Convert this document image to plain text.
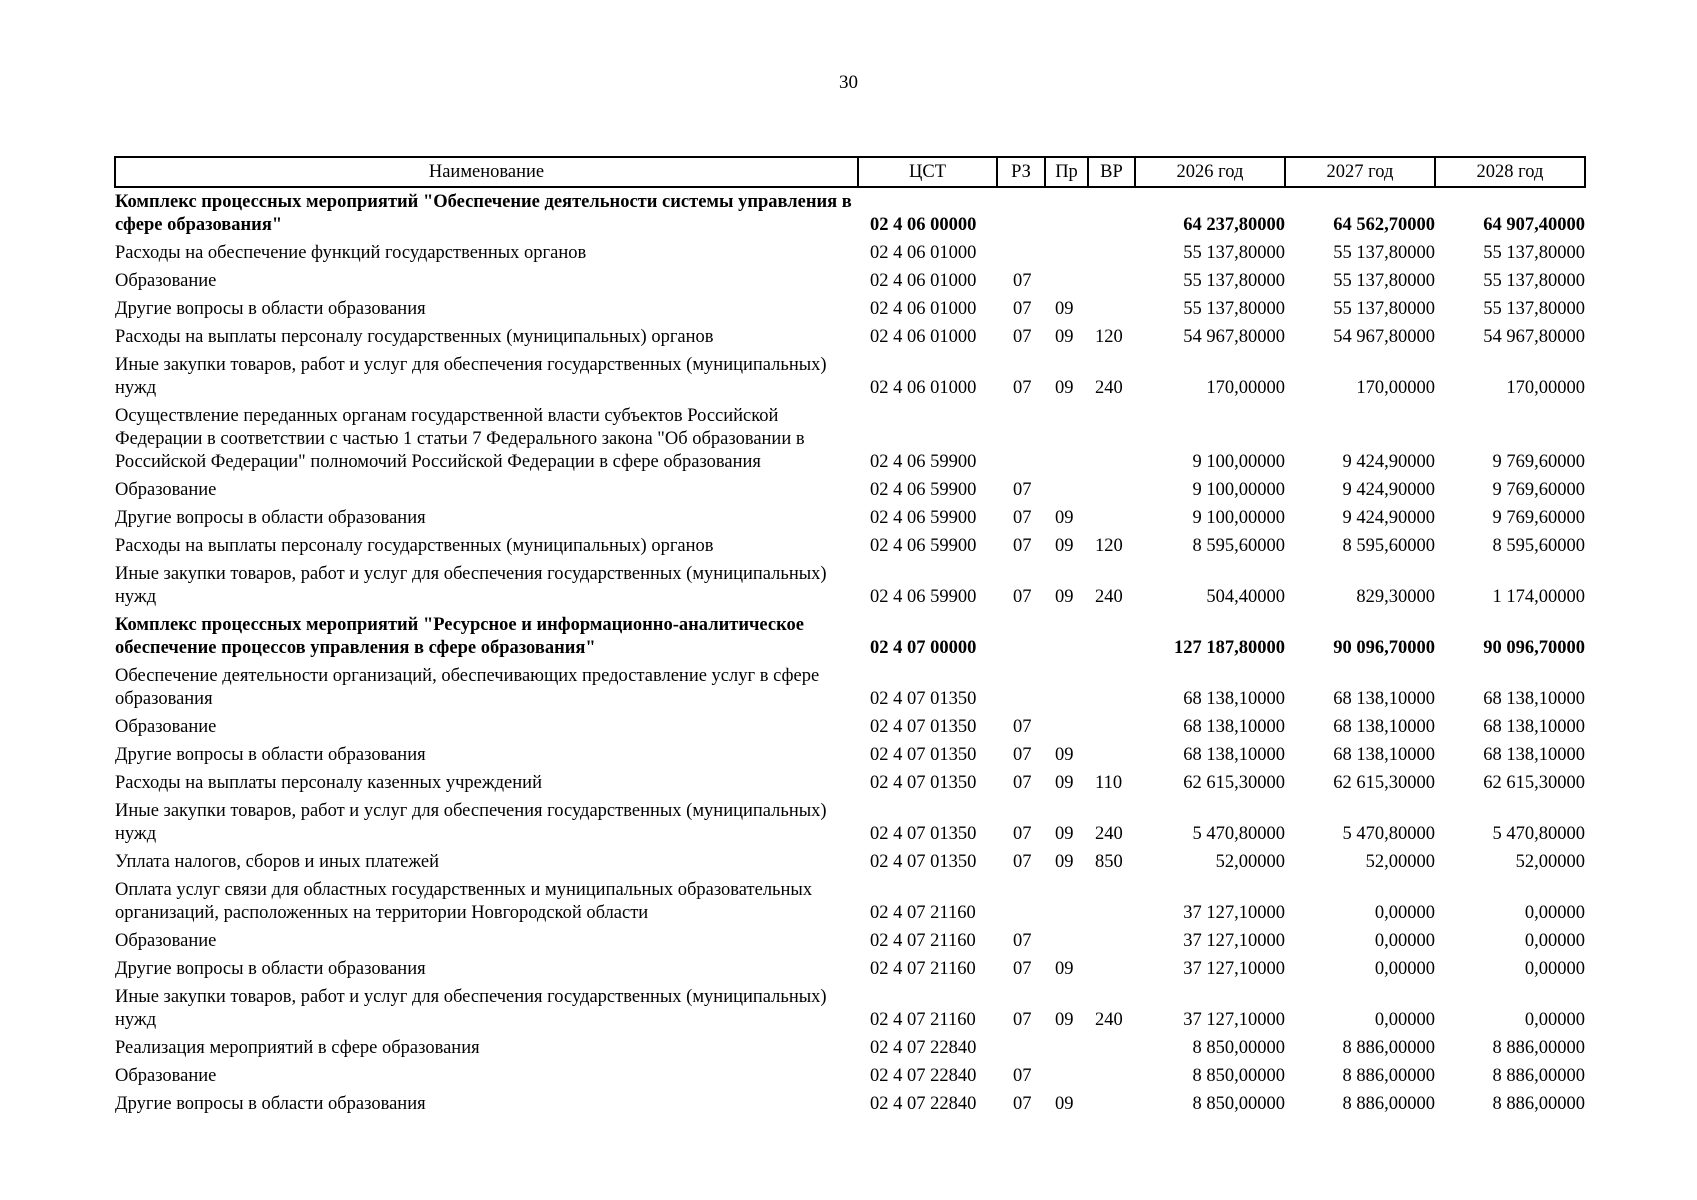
30
Наименование	ЦСТ	РЗ	Пр	ВР	2026 год	2027 год	2028 год
Комплекс процессных мероприятий "Обеспечение деятельности системы управления в сфере образования"	02 4 06 00000				64 237,80000	64 562,70000	64 907,40000
Расходы на обеспечение функций государственных органов	02 4 06 01000				55 137,80000	55 137,80000	55 137,80000
Образование	02 4 06 01000	07			55 137,80000	55 137,80000	55 137,80000
Другие вопросы в области образования	02 4 06 01000	07	09		55 137,80000	55 137,80000	55 137,80000
Расходы на выплаты персоналу государственных (муниципальных) органов	02 4 06 01000	07	09	120	54 967,80000	54 967,80000	54 967,80000
Иные закупки товаров, работ и услуг для обеспечения государственных (муниципальных) нужд	02 4 06 01000	07	09	240	170,00000	170,00000	170,00000
Осуществление переданных органам государственной власти субъектов Российской Федерации в соответствии с частью 1 статьи 7 Федерального закона "Об образовании в Российской Федерации" полномочий Российской Федерации в сфере образования	02 4 06 59900				9 100,00000	9 424,90000	9 769,60000
Образование	02 4 06 59900	07			9 100,00000	9 424,90000	9 769,60000
Другие вопросы в области образования	02 4 06 59900	07	09		9 100,00000	9 424,90000	9 769,60000
Расходы на выплаты персоналу государственных (муниципальных) органов	02 4 06 59900	07	09	120	8 595,60000	8 595,60000	8 595,60000
Иные закупки товаров, работ и услуг для обеспечения государственных (муниципальных) нужд	02 4 06 59900	07	09	240	504,40000	829,30000	1 174,00000
Комплекс процессных мероприятий "Ресурсное и информационно-аналитическое обеспечение процессов управления в сфере образования"	02 4 07 00000				127 187,80000	90 096,70000	90 096,70000
Обеспечение деятельности организаций, обеспечивающих предоставление услуг в сфере образования	02 4 07 01350				68 138,10000	68 138,10000	68 138,10000
Образование	02 4 07 01350	07			68 138,10000	68 138,10000	68 138,10000
Другие вопросы в области образования	02 4 07 01350	07	09		68 138,10000	68 138,10000	68 138,10000
Расходы на выплаты персоналу казенных учреждений	02 4 07 01350	07	09	110	62 615,30000	62 615,30000	62 615,30000
Иные закупки товаров, работ и услуг для обеспечения государственных (муниципальных) нужд	02 4 07 01350	07	09	240	5 470,80000	5 470,80000	5 470,80000
Уплата налогов, сборов и иных платежей	02 4 07 01350	07	09	850	52,00000	52,00000	52,00000
Оплата услуг связи для областных государственных и муниципальных образовательных организаций, расположенных на территории Новгородской области	02 4 07 21160				37 127,10000	0,00000	0,00000
Образование	02 4 07 21160	07			37 127,10000	0,00000	0,00000
Другие вопросы в области образования	02 4 07 21160	07	09		37 127,10000	0,00000	0,00000
Иные закупки товаров, работ и услуг для обеспечения государственных (муниципальных) нужд	02 4 07 21160	07	09	240	37 127,10000	0,00000	0,00000
Реализация мероприятий в сфере образования	02 4 07 22840				8 850,00000	8 886,00000	8 886,00000
Образование	02 4 07 22840	07			8 850,00000	8 886,00000	8 886,00000
Другие вопросы в области образования	02 4 07 22840	07	09		8 850,00000	8 886,00000	8 886,00000
